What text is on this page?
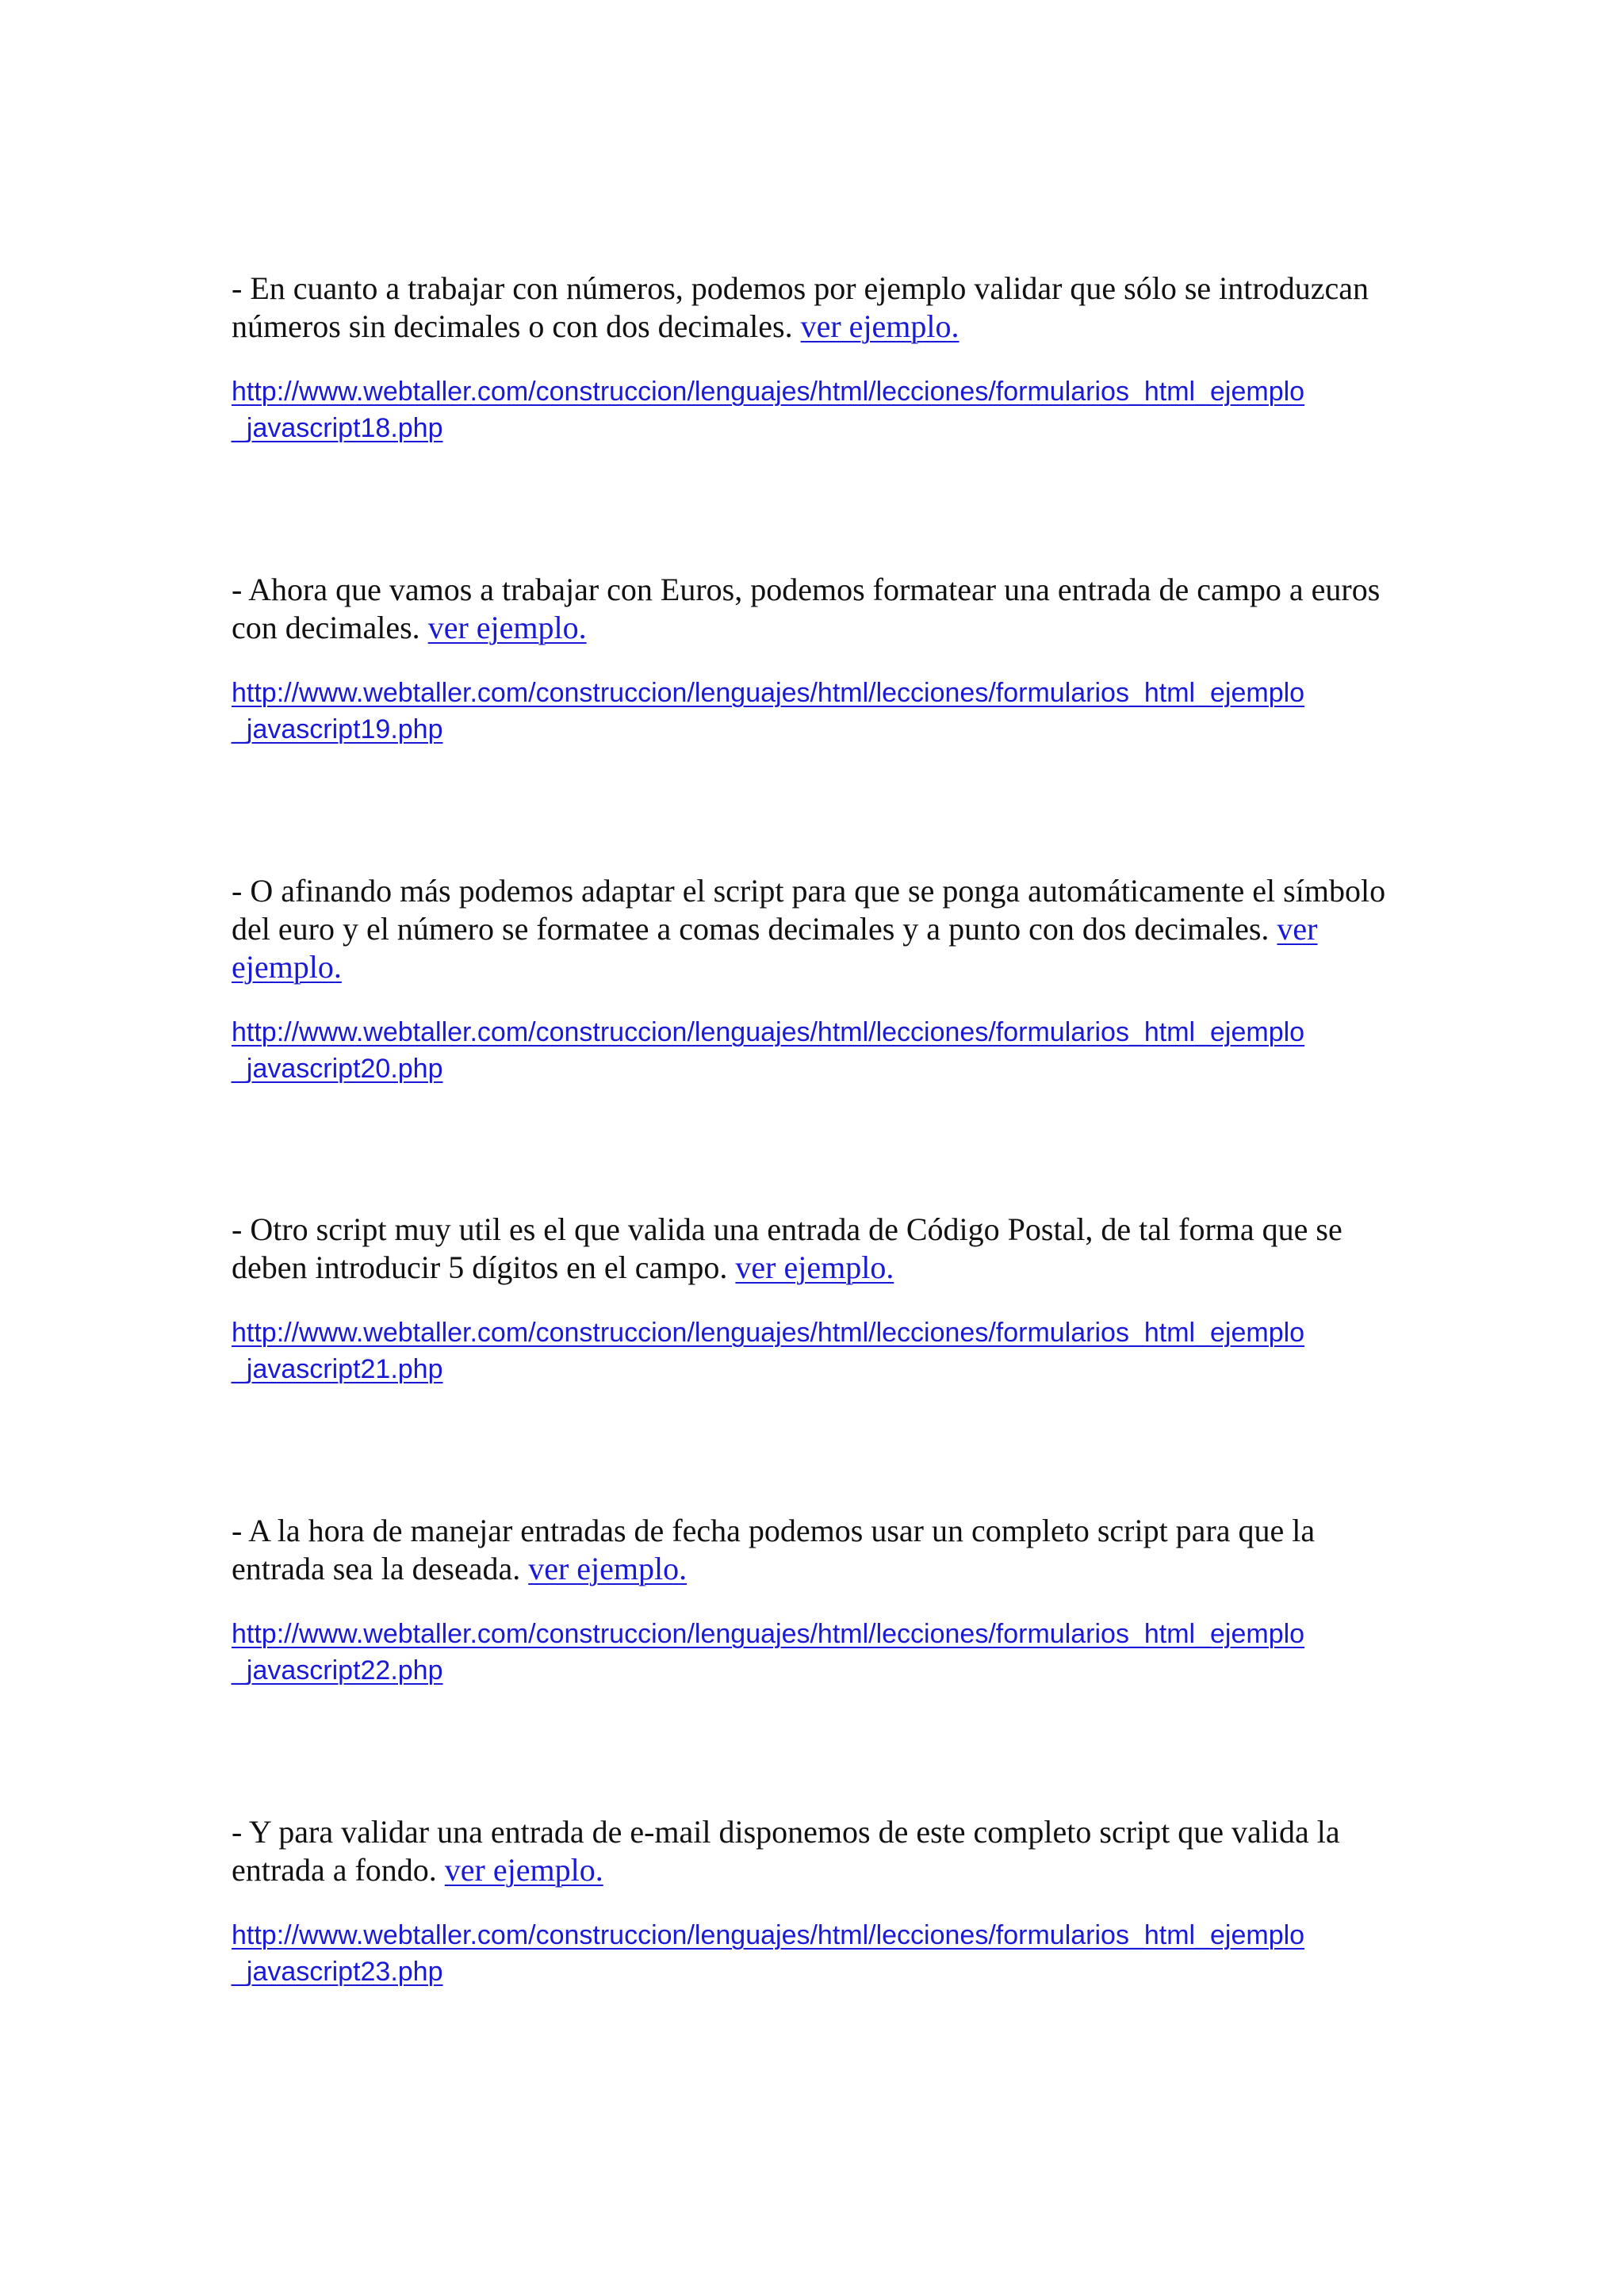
- En cuanto a trabajar con números, podemos por ejemplo validar que sólo se introduzcan números sin decimales o con dos decimales. ver ejemplo.

http://www.webtaller.com/construccion/lenguajes/html/lecciones/formularios_html_ejemplo
_javascript18.php

- Ahora que vamos a trabajar con Euros, podemos formatear una entrada de campo a euros con decimales. ver ejemplo.

http://www.webtaller.com/construccion/lenguajes/html/lecciones/formularios_html_ejemplo
_javascript19.php

- O afinando más podemos adaptar el script para que se ponga automáticamente el símbolo del euro y el número se formatee a comas decimales y a punto con dos decimales. ver ejemplo.

http://www.webtaller.com/construccion/lenguajes/html/lecciones/formularios_html_ejemplo
_javascript20.php

- Otro script muy util es el que valida una entrada de Código Postal, de tal forma que se deben introducir 5 dígitos en el campo. ver ejemplo.

http://www.webtaller.com/construccion/lenguajes/html/lecciones/formularios_html_ejemplo
_javascript21.php

- A la hora de manejar entradas de fecha podemos usar un completo script para que la entrada sea la deseada. ver ejemplo.

http://www.webtaller.com/construccion/lenguajes/html/lecciones/formularios_html_ejemplo
_javascript22.php

- Y para validar una entrada de e-mail disponemos de este completo script que valida la entrada a fondo. ver ejemplo.

http://www.webtaller.com/construccion/lenguajes/html/lecciones/formularios_html_ejemplo
_javascript23.php
